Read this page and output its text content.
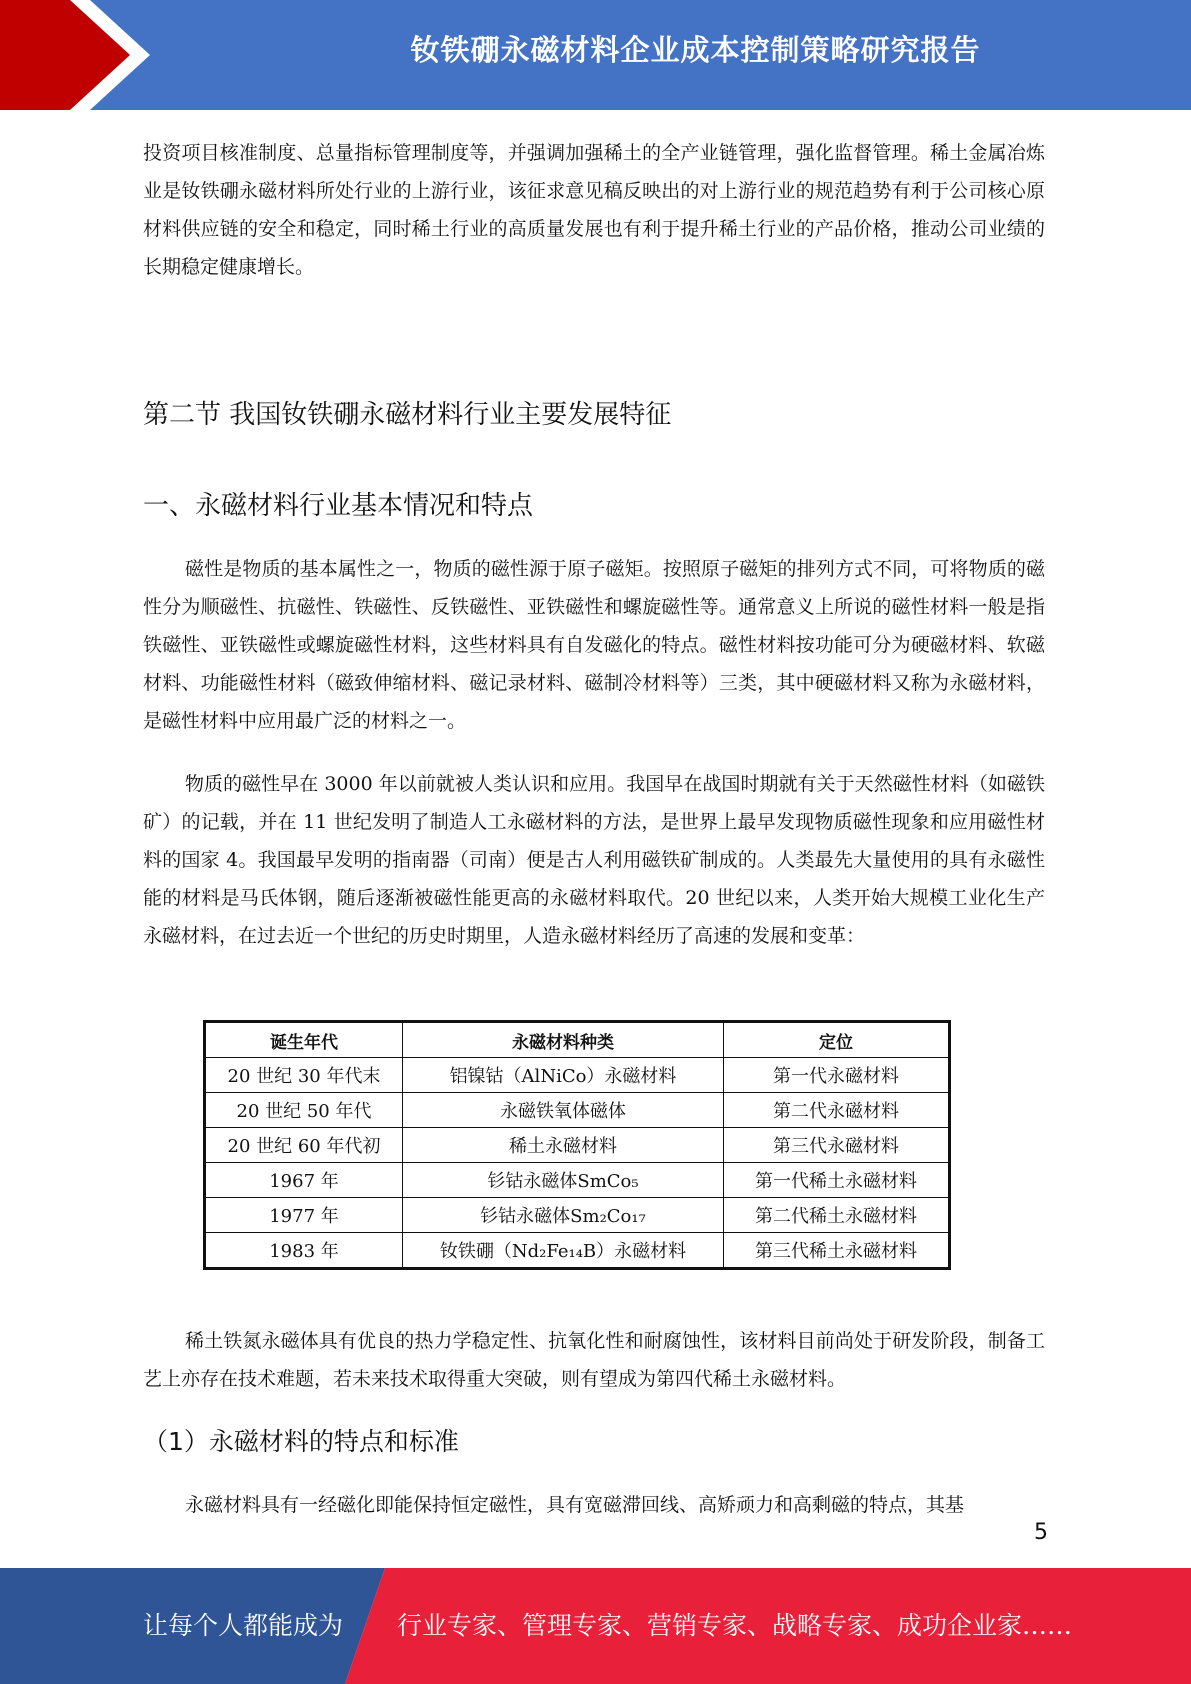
钕铁硼永磁材料企业成本控制策略研究报告

投资项目核准制度、总量指标管理制度等，并强调加强稀土的全产业链管理，强化监督管理。稀土金属冶炼业是钕铁硼永磁材料所处行业的上游行业，该征求意见稿反映出的对上游行业的规范趋势有利于公司核心原材料供应链的安全和稳定，同时稀土行业的高质量发展也有利于提升稀土行业的产品价格，推动公司业绩的长期稳定健康增长。

第二节 我国钕铁硼永磁材料行业主要发展特征
一、永磁材料行业基本情况和特点

磁性是物质的基本属性之一，物质的磁性源于原子磁矩。按照原子磁矩的排列方式不同，可将物质的磁性分为顺磁性、抗磁性、铁磁性、反铁磁性、亚铁磁性和螺旋磁性等。通常意义上所说的磁性材料一般是指铁磁性、亚铁磁性或螺旋磁性材料，这些材料具有自发磁化的特点。磁性材料按功能可分为硬磁材料、软磁材料、功能磁性材料（磁致伸缩材料、磁记录材料、磁制冷材料等）三类，其中硬磁材料又称为永磁材料，是磁性材料中应用最广泛的材料之一。

物质的磁性早在 3000 年以前就被人类认识和应用。我国早在战国时期就有关于天然磁性材料（如磁铁矿）的记载，并在 11 世纪发明了制造人工永磁材料的方法，是世界上最早发现物质磁性现象和应用磁性材料的国家 4。我国最早发明的指南器（司南）便是古人利用磁铁矿制成的。人类最先大量使用的具有永磁性能的材料是马氏体钢，随后逐渐被磁性能更高的永磁材料取代。20 世纪以来，人类开始大规模工业化生产永磁材料，在过去近一个世纪的历史时期里，人造永磁材料经历了高速的发展和变革：

诞生年代	永磁材料种类	定位
20 世纪 30 年代末	铝镍钴（AlNiCo）永磁材料	第一代永磁材料
20 世纪 50 年代	永磁铁氧体磁体	第二代永磁材料
20 世纪 60 年代初	稀土永磁材料	第三代永磁材料
1967 年	钐钴永磁体SmCo₅	第一代稀土永磁材料
1977 年	钐钴永磁体Sm₂Co₁₇	第二代稀土永磁材料
1983 年	钕铁硼（Nd₂Fe₁₄B）永磁材料	第三代稀土永磁材料

稀土铁氮永磁体具有优良的热力学稳定性、抗氧化性和耐腐蚀性，该材料目前尚处于研发阶段，制备工艺上亦存在技术难题，若未来技术取得重大突破，则有望成为第四代稀土永磁材料。

（1）永磁材料的特点和标准

永磁材料具有一经磁化即能保持恒定磁性，具有宽磁滞回线、高矫顽力和高剩磁的特点，其基

5
让每个人都能成为 行业专家、管理专家、营销专家、战略专家、成功企业家……
